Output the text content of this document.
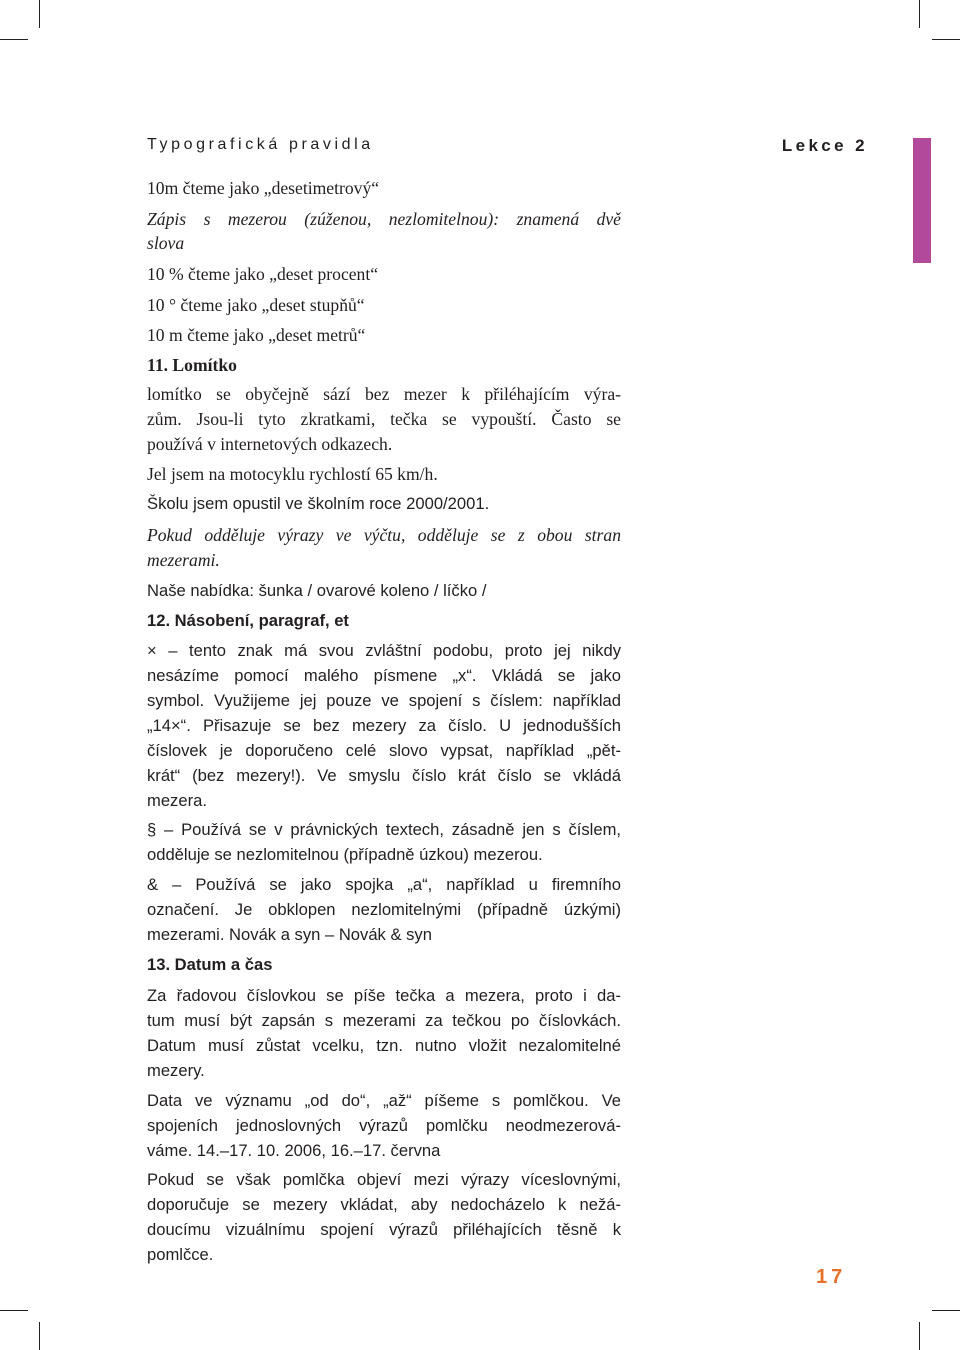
Typografická pravidla	Lekce 2
10m čteme jako „desetimetrový“
Zápis s mezerou (zúženou, nezlomitelnou): znamená dvě
slova
10 % čteme jako „deset procent“
10 ° čteme jako „deset stupňů“
10 m čteme jako „deset metrů“
11. Lomítko
lomítko se obyčejně sází bez mezer k přiléhajícím výra-
zům. Jsou-li tyto zkratkami, tečka se vypouští. Často se
používá v internetových odkazech.
Jel jsem na motocyklu rychlostí 65 km/h.
Školu jsem opustil ve školním roce 2000/2001.
Pokud odděluje výrazy ve výčtu, odděluje se z obou stran
mezerami.
Naše nabídka: šunka / ovarové koleno / líčko /
12. Násobení, paragraf, et
× – tento znak má svou zvláštní podobu, proto jej nikdy
nesázíme pomocí malého písmene „x“. Vkládá se jako
symbol. Využijeme jej pouze ve spojení s číslem: například
„14×“. Přisazuje se bez mezery za číslo. U jednodušších
číslovek je doporučeno celé slovo vypsat, například „pět-
krát“ (bez mezery!). Ve smyslu číslo krát číslo se vkládá
mezera.
§ – Používá se v právnických textech, zásadně jen s číslem,
odděluje se nezlomitelnou (případně úzkou) mezerou.
& – Používá se jako spojka „a“, například u firemního
označení. Je obklopen nezlomitelnými (případně úzkými)
mezerami. Novák a syn – Novák & syn
13. Datum a čas
Za řadovou číslovkou se píše tečka a mezera, proto i da-
tum musí být zapsán s mezerami za tečkou po číslovkách.
Datum musí zůstat vcelku, tzn. nutno vložit nezalomitelné
mezery.
Data ve významu „od do“, „až“ píšeme s pomlčkou. Ve
spojeních jednoslovných výrazů pomlčku neodmezerová-
váme. 14.–17. 10. 2006, 16.–17. června
Pokud se však pomlčka objeví mezi výrazy víceslovnými,
doporučuje se mezery vkládat, aby nedocházelo k nežá-
doucímu vizuálnímu spojení výrazů přiléhajících těsně k
pomlčce.
17
